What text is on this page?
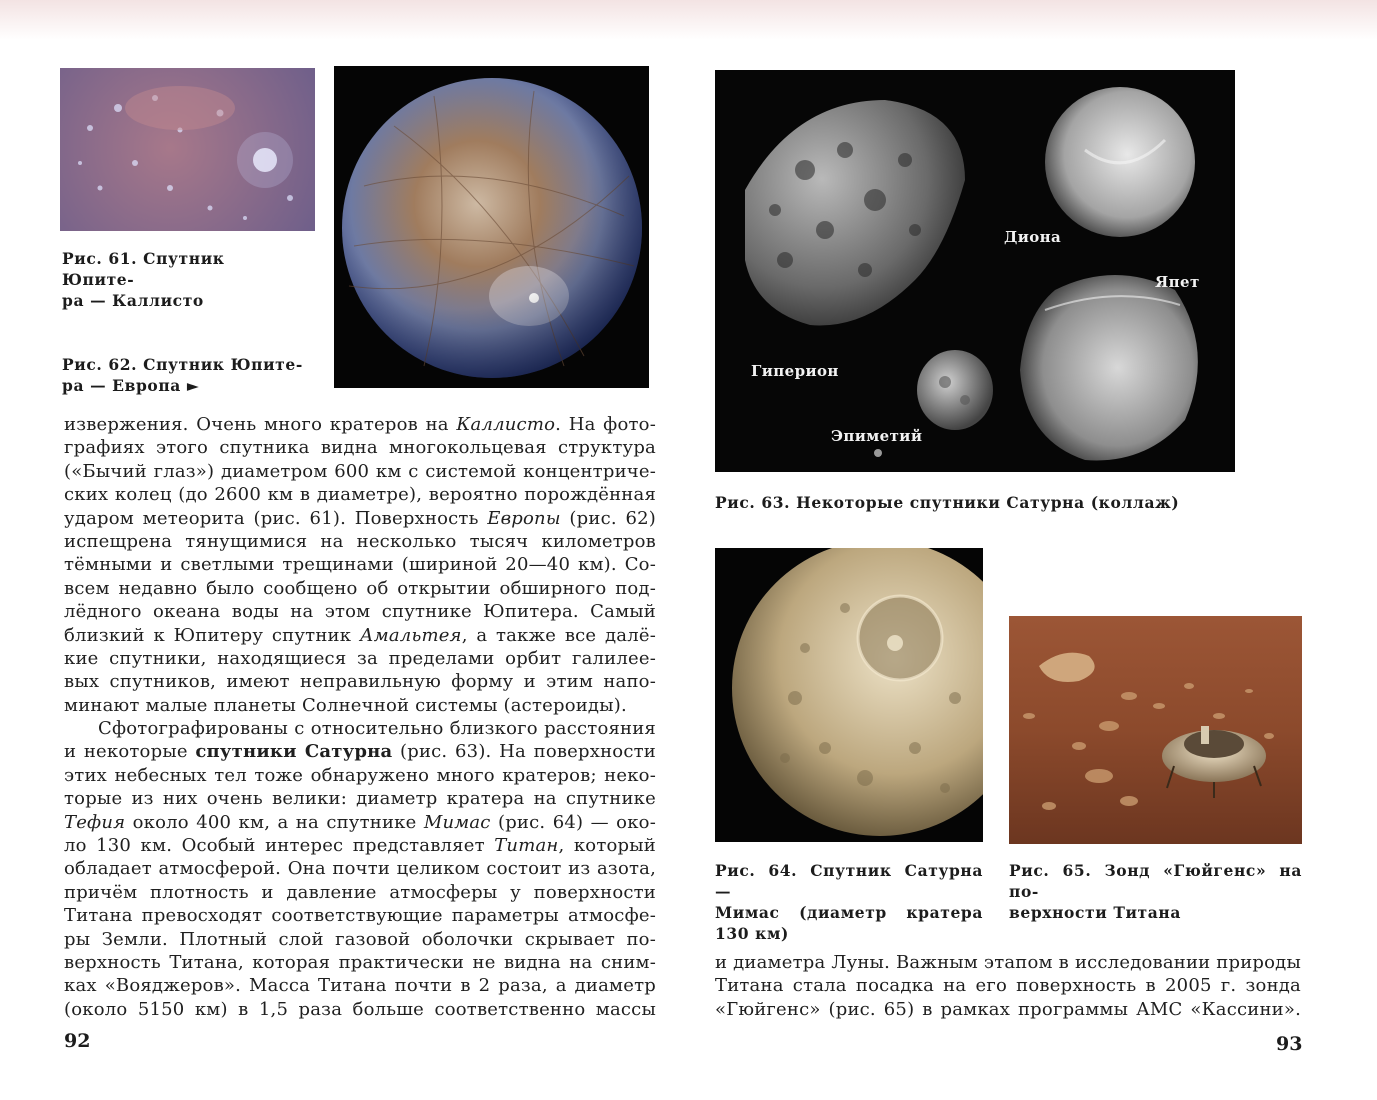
Рис. 61. Спутник Юпите-
ра — Каллисто
Рис. 62. Спутник Юпите-
ра — Европа ►
извержения. Очень много кратеров на Каллисто. На фото-
графиях этого спутника видна многокольцевая структура
(«Бычий глаз») диаметром 600 км с системой концентриче-
ских колец (до 2600 км в диаметре), вероятно порождённая
ударом метеорита (рис. 61). Поверхность Европы (рис. 62)
испещрена тянущимися на несколько тысяч километров
тёмными и светлыми трещинами (шириной 20—40 км). Со-
всем недавно было сообщено об открытии обширного под-
лёдного океана воды на этом спутнике Юпитера. Самый
близкий к Юпитеру спутник Амальтея, а также все далё-
кие спутники, находящиеся за пределами орбит галилее-
вых спутников, имеют неправильную форму и этим напо-
минают малые планеты Солнечной системы (астероиды).
Сфотографированы с относительно близкого расстояния
и некоторые спутники Сатурна (рис. 63). На поверхности
этих небесных тел тоже обнаружено много кратеров; неко-
торые из них очень велики: диаметр кратера на спутнике
Тефия около 400 км, а на спутнике Мимас (рис. 64) — око-
ло 130 км. Особый интерес представляет Титан, который
обладает атмосферой. Она почти целиком состоит из азота,
причём плотность и давление атмосферы у поверхности
Титана превосходят соответствующие параметры атмосфе-
ры Земли. Плотный слой газовой оболочки скрывает по-
верхность Титана, которая практически не видна на сним-
ках «Вояджеров». Масса Титана почти в 2 раза, а диаметр
(около 5150 км) в 1,5 раза больше соответственно массы
92
Диона
Япет
Гиперион
Эпиметий
Рис. 63. Некоторые спутники Сатурна (коллаж)
Рис. 64. Спутник Сатурна —
Мимас (диаметр кратера
130 км)
Рис. 65. Зонд «Гюйгенс» на по-
верхности Титана
и диаметра Луны. Важным этапом в исследовании природы
Титана стала посадка на его поверхность в 2005 г. зонда
«Гюйгенс» (рис. 65) в рамках программы АМС «Кассини».
93
